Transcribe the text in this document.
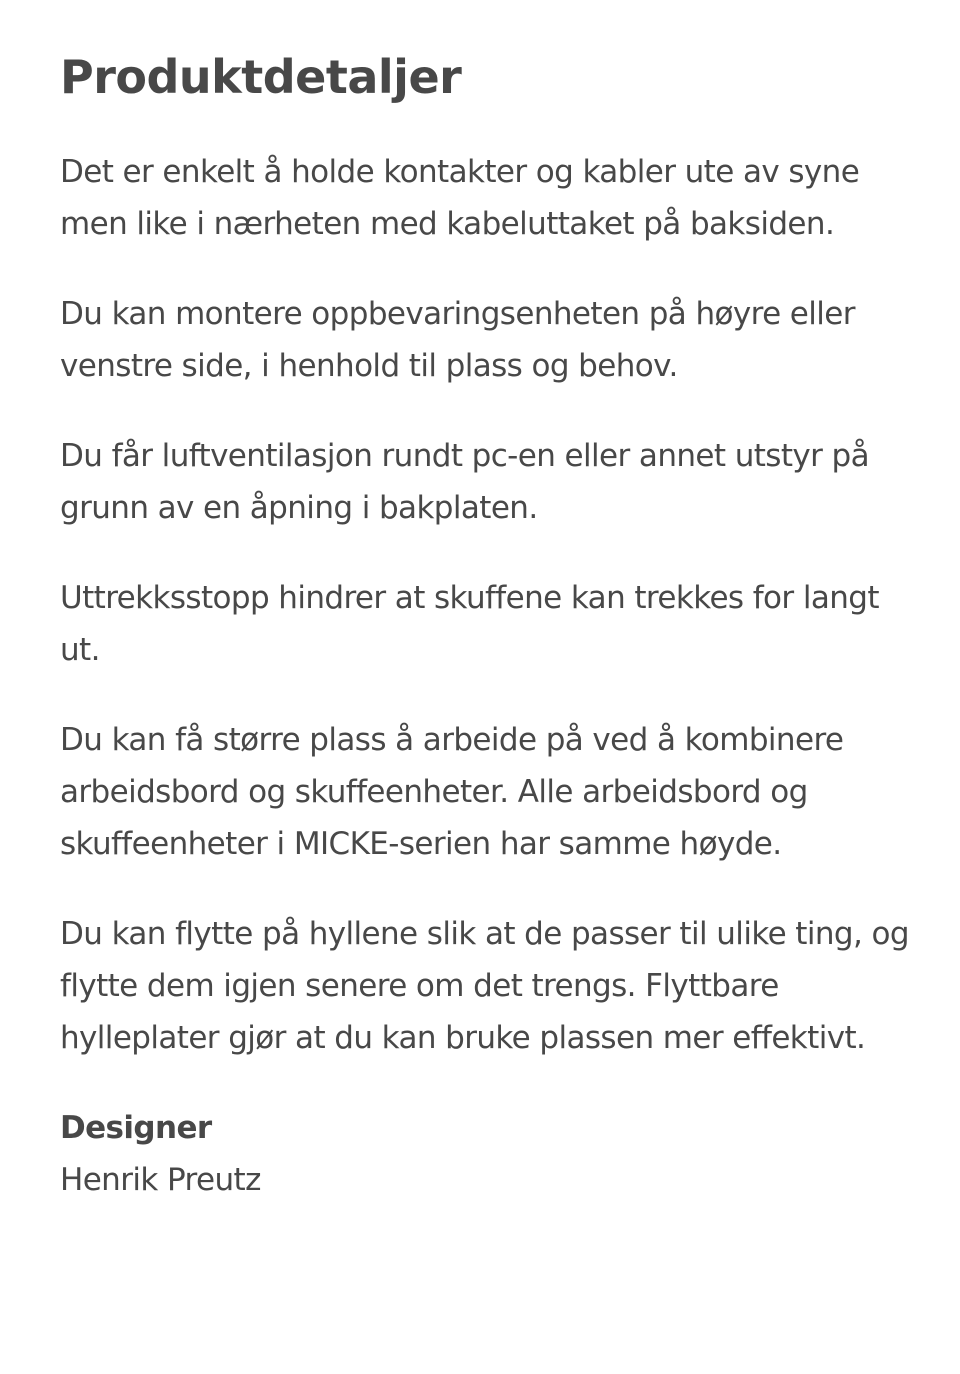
Produktdetaljer

Det er enkelt å holde kontakter og kabler ute av syne men like i nærheten med kabeluttaket på baksiden.

Du kan montere oppbevaringsenheten på høyre eller venstre side, i henhold til plass og behov.

Du får luftventilasjon rundt pc-en eller annet utstyr på grunn av en åpning i bakplaten.

Uttrekksstopp hindrer at skuffene kan trekkes for langt ut.

Du kan få større plass å arbeide på ved å kombinere arbeidsbord og skuffeenheter. Alle arbeidsbord og skuffeenheter i MICKE-serien har samme høyde.

Du kan flytte på hyllene slik at de passer til ulike ting, og flytte dem igjen senere om det trengs. Flyttbare hylleplater gjør at du kan bruke plassen mer effektivt.

Designer
Henrik Preutz
